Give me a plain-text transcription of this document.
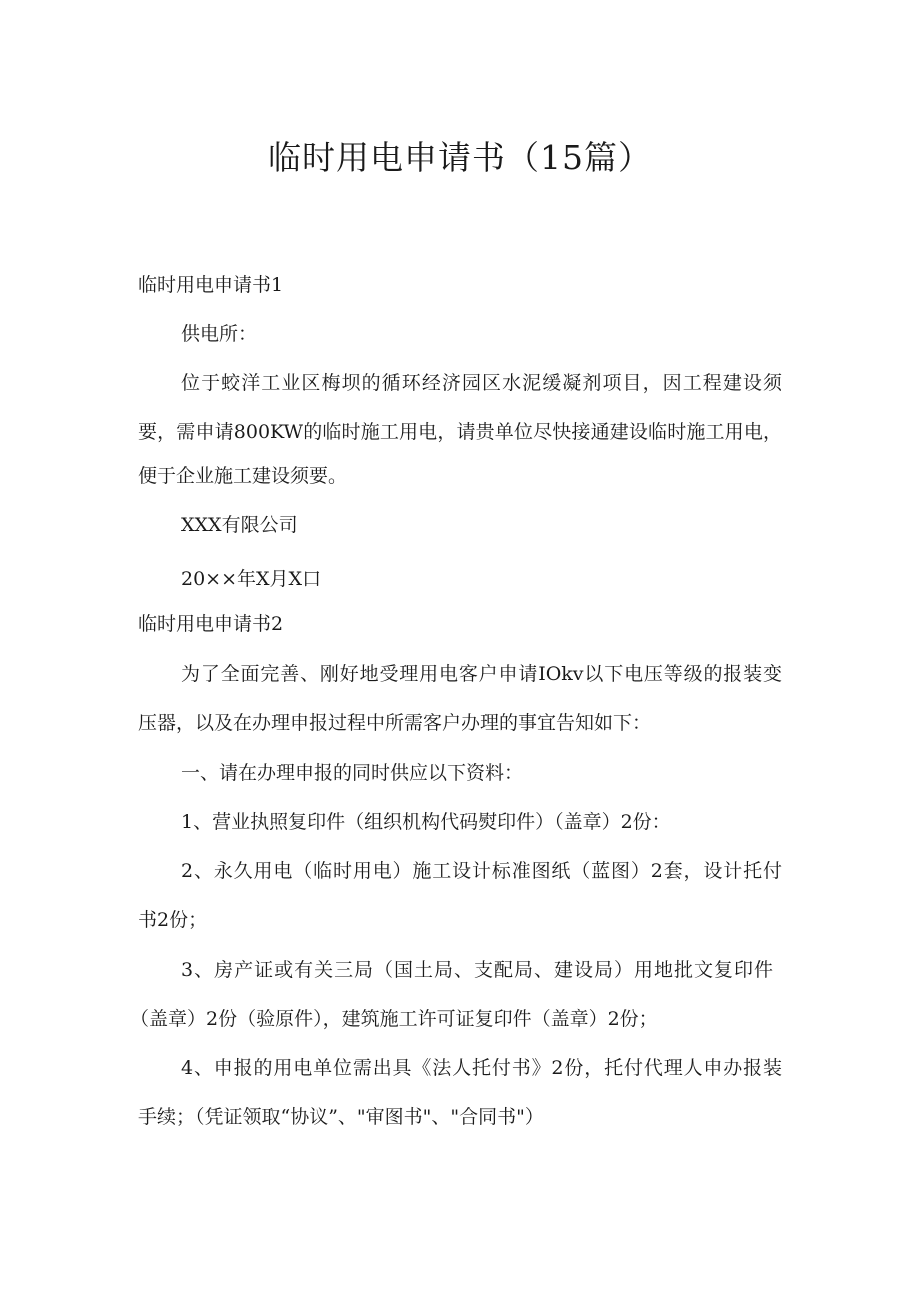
临时用电申请书（15篇）

临时用电申请书1

供电所：

位于蛟洋工业区梅坝的循环经济园区水泥缓凝剂项目，因工程建设须

要，需申请800KW的临时施工用电，请贵单位尽快接通建设临时施工用电，

便于企业施工建设须要。

XXX有限公司

20××年X月X口

临时用电申请书2

为了全面完善、刚好地受理用电客户申请IOkv以下电压等级的报装变

压器，以及在办理申报过程中所需客户办理的事宜告知如下：

一、请在办理申报的同时供应以下资料：

1、营业执照复印件（组织机构代码熨印件）（盖章）2份：

2、永久用电（临时用电）施工设计标准图纸（蓝图）2套，设计托付

书2份；

3、房产证或有关三局（国土局、支配局、建设局）用地批文复印件

（盖章）2份（验原件），建筑施工许可证复印件（盖章）2份；

4、申报的用电单位需出具《法人托付书》2份，托付代理人申办报装

手续；（凭证领取“协议”、"审图书"、"合同书"）
